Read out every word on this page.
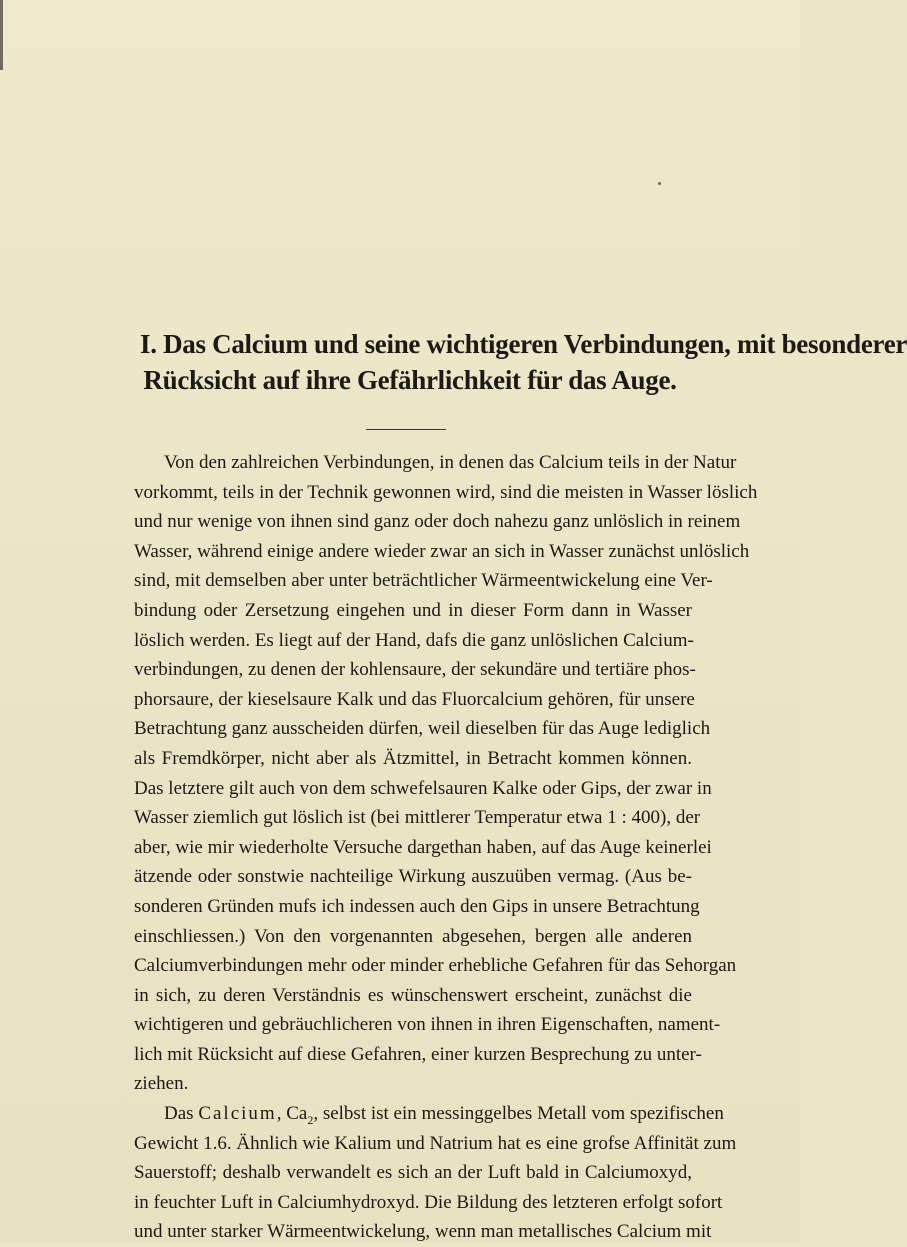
I. Das Calcium und seine wichtigeren Verbindungen, mit besonderer
Rücksicht auf ihre Gefährlichkeit für das Auge.
Von den zahlreichen Verbindungen, in denen das Calcium teils in der Natur
vorkommt, teils in der Technik gewonnen wird, sind die meisten in Wasser löslich
und nur wenige von ihnen sind ganz oder doch nahezu ganz unlöslich in reinem
Wasser, während einige andere wieder zwar an sich in Wasser zunächst unlöslich
sind, mit demselben aber unter beträchtlicher Wärmeentwickelung eine Ver-
bindung oder Zersetzung eingehen und in dieser Form dann in Wasser
löslich werden. Es liegt auf der Hand, dafs die ganz unlöslichen Calcium-
verbindungen, zu denen der kohlensaure, der sekundäre und tertiäre phos-
phorsaure, der kieselsaure Kalk und das Fluorcalcium gehören, für unsere
Betrachtung ganz ausscheiden dürfen, weil dieselben für das Auge lediglich
als Fremdkörper, nicht aber als Ätzmittel, in Betracht kommen können.
Das letztere gilt auch von dem schwefelsauren Kalke oder Gips, der zwar in
Wasser ziemlich gut löslich ist (bei mittlerer Temperatur etwa 1 : 400), der
aber, wie mir wiederholte Versuche dargethan haben, auf das Auge keinerlei
ätzende oder sonstwie nachteilige Wirkung auszuüben vermag. (Aus be-
sonderen Gründen mufs ich indessen auch den Gips in unsere Betrachtung
einschliessen.) Von den vorgenannten abgesehen, bergen alle anderen
Calciumverbindungen mehr oder minder erhebliche Gefahren für das Sehorgan
in sich, zu deren Verständnis es wünschenswert erscheint, zunächst die
wichtigeren und gebräuchlicheren von ihnen in ihren Eigenschaften, nament-
lich mit Rücksicht auf diese Gefahren, einer kurzen Besprechung zu unter-
ziehen.
Das Calcium, $Ca_2$, selbst ist ein messinggelbes Metall vom spezifischen
Gewicht 1.6. Ähnlich wie Kalium und Natrium hat es eine grofse Affinität zum
Sauerstoff; deshalb verwandelt es sich an der Luft bald in Calciumoxyd,
in feuchter Luft in Calciumhydroxyd. Die Bildung des letzteren erfolgt sofort
und unter starker Wärmeentwickelung, wenn man metallisches Calcium mit
